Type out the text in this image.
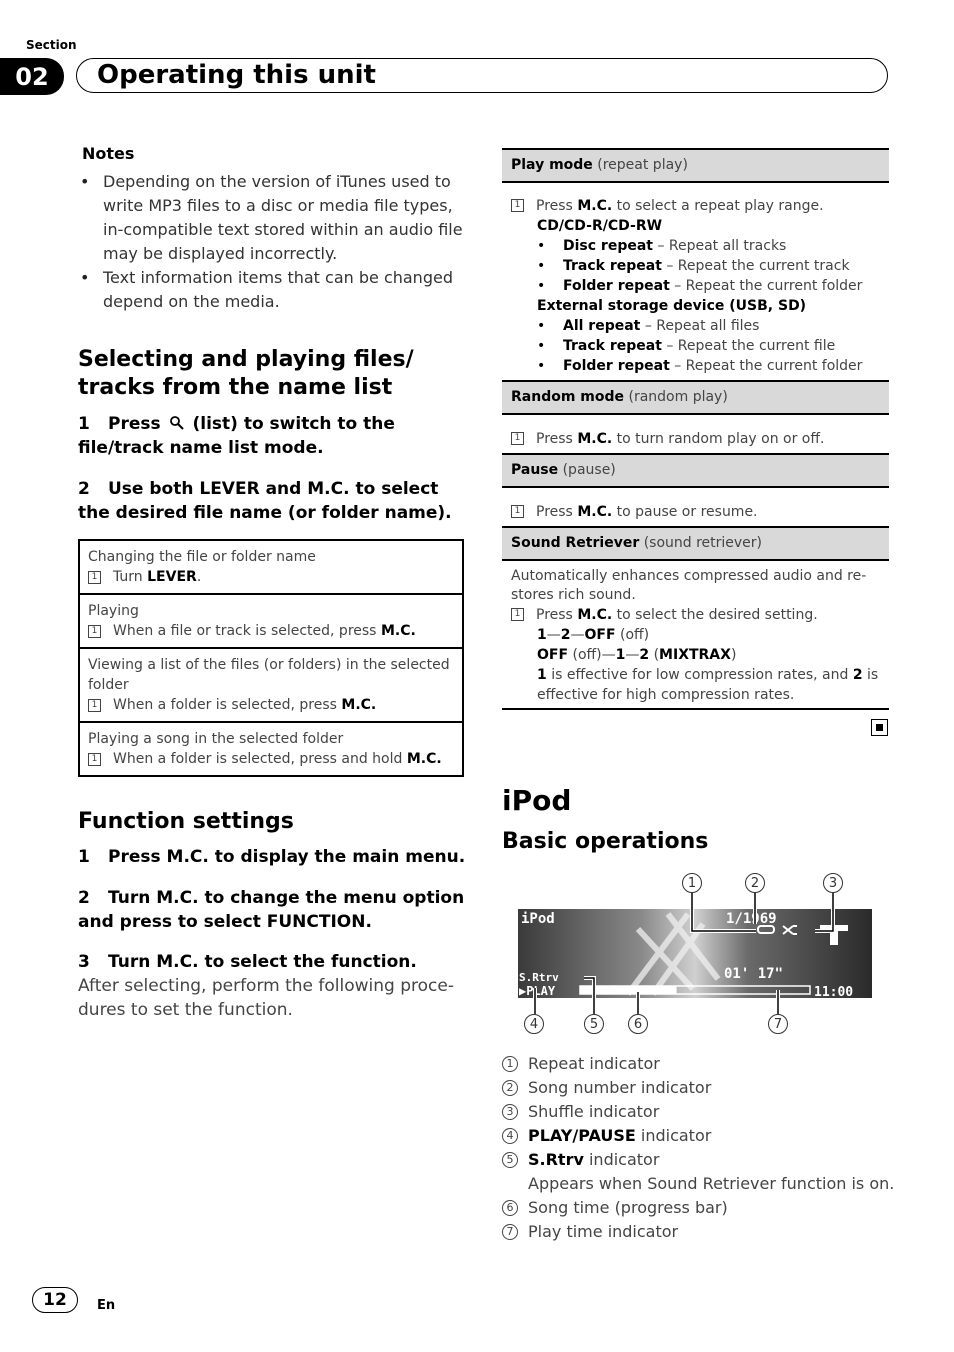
Section
02	Operating this unit
Notes
• Depending on the version of iTunes used to write MP3 files to a disc or media file types, in-compatible text stored within an audio file may be displayed incorrectly.
• Text information items that can be changed depend on the media.
Selecting and playing files/ tracks from the name list
1 Press (list) to switch to the file/track name list mode.
2 Use both LEVER and M.C. to select the desired file name (or folder name).
Changing the file or folder name
1 Turn LEVER.
Playing
1 When a file or track is selected, press M.C.
Viewing a list of the files (or folders) in the selected folder
1 When a folder is selected, press M.C.
Playing a song in the selected folder
1 When a folder is selected, press and hold M.C.
Function settings
1 Press M.C. to display the main menu.
2 Turn M.C. to change the menu option and press to select FUNCTION.
3 Turn M.C. to select the function.
After selecting, perform the following proce-dures to set the function.
Play mode (repeat play)
1 Press M.C. to select a repeat play range.
CD/CD-R/CD-RW
• Disc repeat – Repeat all tracks
• Track repeat – Repeat the current track
• Folder repeat – Repeat the current folder
External storage device (USB, SD)
• All repeat – Repeat all files
• Track repeat – Repeat the current file
• Folder repeat – Repeat the current folder
Random mode (random play)
1 Press M.C. to turn random play on or off.
Pause (pause)
1 Press M.C. to pause or resume.
Sound Retriever (sound retriever)
Automatically enhances compressed audio and re-stores rich sound.
1 Press M.C. to select the desired setting.
1—2—OFF (off)
OFF (off)—1—2 (MIXTRAX)
1 is effective for low compression rates, and 2 is effective for high compression rates.
iPod
Basic operations
1	2	3
4	5	6	7
iPod	1/1969
01' 17"
S.Rtrv
▶PLAY	11:00
1 Repeat indicator
2 Song number indicator
3 Shuffle indicator
4 PLAY/PAUSE indicator
5 S.Rtrv indicator
Appears when Sound Retriever function is on.
6 Song time (progress bar)
7 Play time indicator
12	En
